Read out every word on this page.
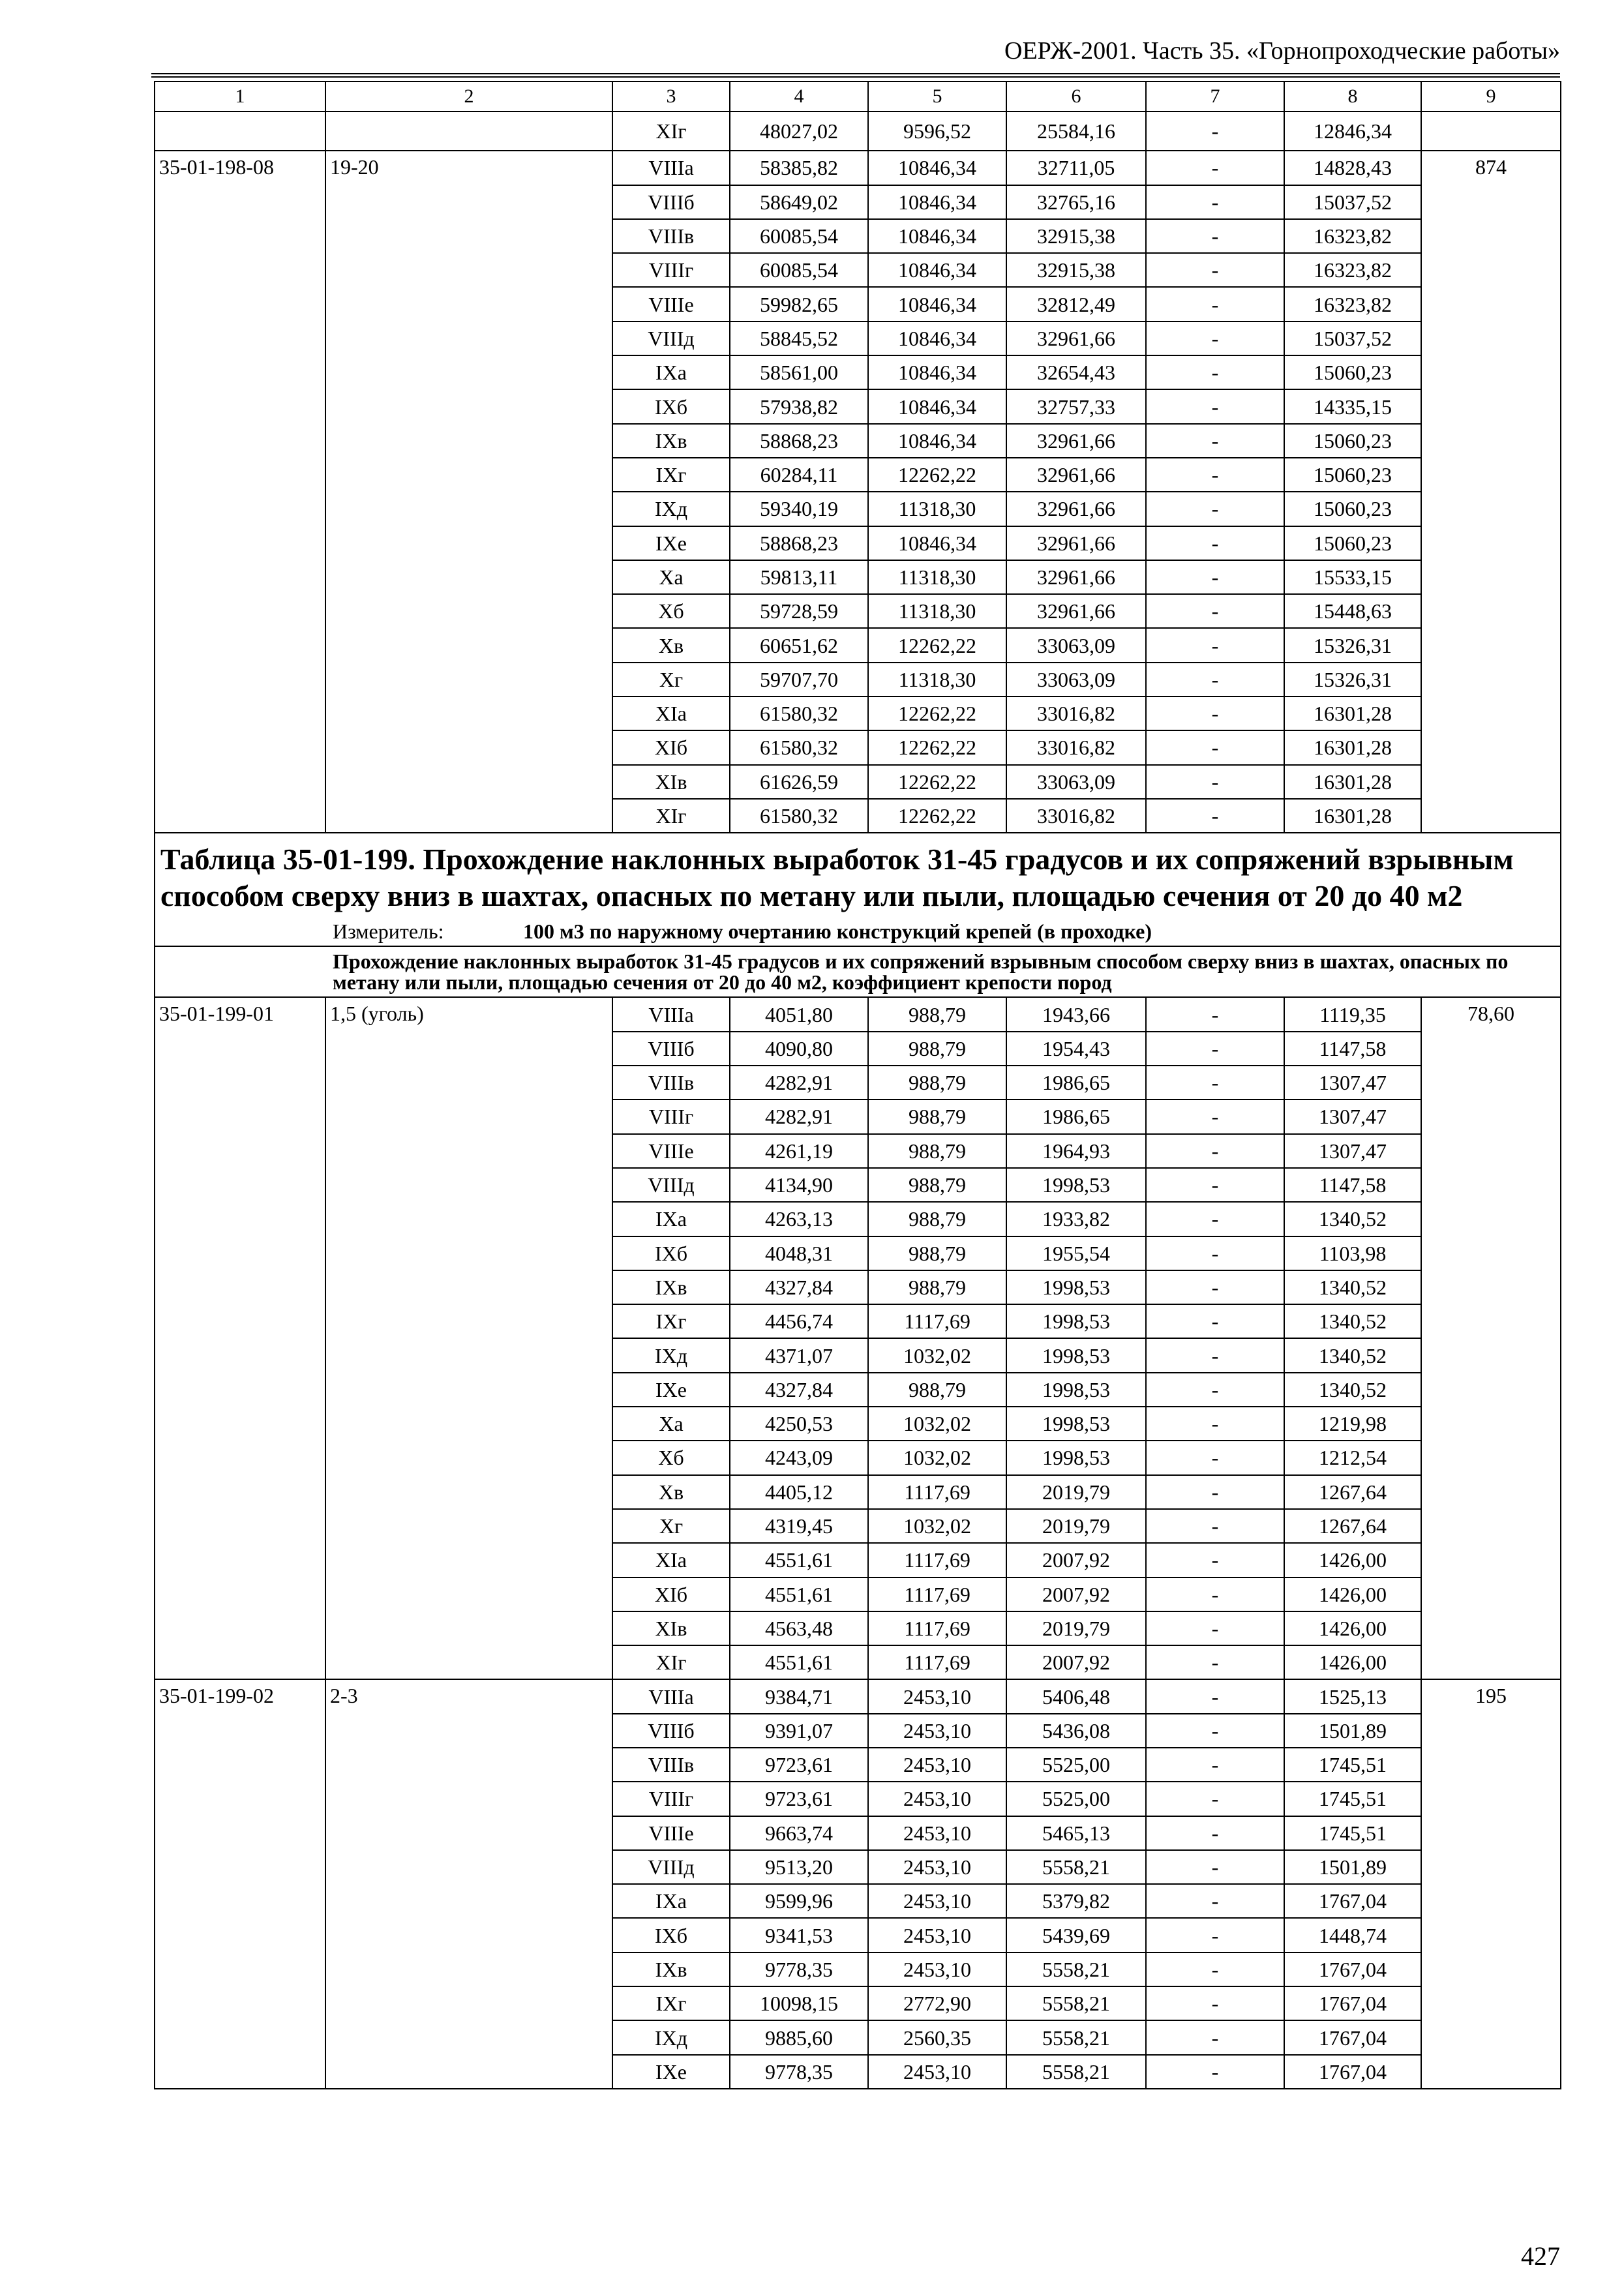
ОЕРЖ-2001. Часть 35. «Горнопроходческие работы»
1	2	3	4	5	6	7	8	9
		XIг	48027,02	9596,52	25584,16	-	12846,34	
35-01-198-08	19-20	VIIIа	58385,82	10846,34	32711,05	-	14828,43	874
		VIIIб	58649,02	10846,34	32765,16	-	15037,52	
		VIIIв	60085,54	10846,34	32915,38	-	16323,82	
		VIIIг	60085,54	10846,34	32915,38	-	16323,82	
		VIIIе	59982,65	10846,34	32812,49	-	16323,82	
		VIIIд	58845,52	10846,34	32961,66	-	15037,52	
		IXа	58561,00	10846,34	32654,43	-	15060,23	
		IXб	57938,82	10846,34	32757,33	-	14335,15	
		IXв	58868,23	10846,34	32961,66	-	15060,23	
		IXг	60284,11	12262,22	32961,66	-	15060,23	
		IXд	59340,19	11318,30	32961,66	-	15060,23	
		IXе	58868,23	10846,34	32961,66	-	15060,23	
		Xа	59813,11	11318,30	32961,66	-	15533,15	
		Xб	59728,59	11318,30	32961,66	-	15448,63	
		Xв	60651,62	12262,22	33063,09	-	15326,31	
		Xг	59707,70	11318,30	33063,09	-	15326,31	
		XIа	61580,32	12262,22	33016,82	-	16301,28	
		XIб	61580,32	12262,22	33016,82	-	16301,28	
		XIв	61626,59	12262,22	33063,09	-	16301,28	
		XIг	61580,32	12262,22	33016,82	-	16301,28	

Таблица 35-01-199. Прохождение наклонных выработок 31-45 градусов и их сопряжений взрывным способом сверху вниз в шахтах, опасных по метану или пыли, площадью сечения от 20 до 40 м2
Измеритель: 100 м3 по наружному очертанию конструкций крепей (в проходке)								

Прохождение наклонных выработок 31-45 градусов и их сопряжений взрывным способом сверху вниз в шахтах, опасных по метану или пыли, площадью сечения от 20 до 40 м2, коэффициент крепости пород								
35-01-199-01	1,5 (уголь)	VIIIа	4051,80	988,79	1943,66	-	1119,35	78,60
		VIIIб	4090,80	988,79	1954,43	-	1147,58	
		VIIIв	4282,91	988,79	1986,65	-	1307,47	
		VIIIг	4282,91	988,79	1986,65	-	1307,47	
		VIIIе	4261,19	988,79	1964,93	-	1307,47	
		VIIIд	4134,90	988,79	1998,53	-	1147,58	
		IXа	4263,13	988,79	1933,82	-	1340,52	
		IXб	4048,31	988,79	1955,54	-	1103,98	
		IXв	4327,84	988,79	1998,53	-	1340,52	
		IXг	4456,74	1117,69	1998,53	-	1340,52	
		IXд	4371,07	1032,02	1998,53	-	1340,52	
		IXе	4327,84	988,79	1998,53	-	1340,52	
		Xа	4250,53	1032,02	1998,53	-	1219,98	
		Xб	4243,09	1032,02	1998,53	-	1212,54	
		Xв	4405,12	1117,69	2019,79	-	1267,64	
		Xг	4319,45	1032,02	2019,79	-	1267,64	
		XIа	4551,61	1117,69	2007,92	-	1426,00	
		XIб	4551,61	1117,69	2007,92	-	1426,00	
		XIв	4563,48	1117,69	2019,79	-	1426,00	
		XIг	4551,61	1117,69	2007,92	-	1426,00	
35-01-199-02	2-3	VIIIа	9384,71	2453,10	5406,48	-	1525,13	195
		VIIIб	9391,07	2453,10	5436,08	-	1501,89	
		VIIIв	9723,61	2453,10	5525,00	-	1745,51	
		VIIIг	9723,61	2453,10	5525,00	-	1745,51	
		VIIIе	9663,74	2453,10	5465,13	-	1745,51	
		VIIIд	9513,20	2453,10	5558,21	-	1501,89	
		IXа	9599,96	2453,10	5379,82	-	1767,04	
		IXб	9341,53	2453,10	5439,69	-	1448,74	
		IXв	9778,35	2453,10	5558,21	-	1767,04	
		IXг	10098,15	2772,90	5558,21	-	1767,04	
		IXд	9885,60	2560,35	5558,21	-	1767,04	
		IXе	9778,35	2453,10	5558,21	-	1767,04	
427
